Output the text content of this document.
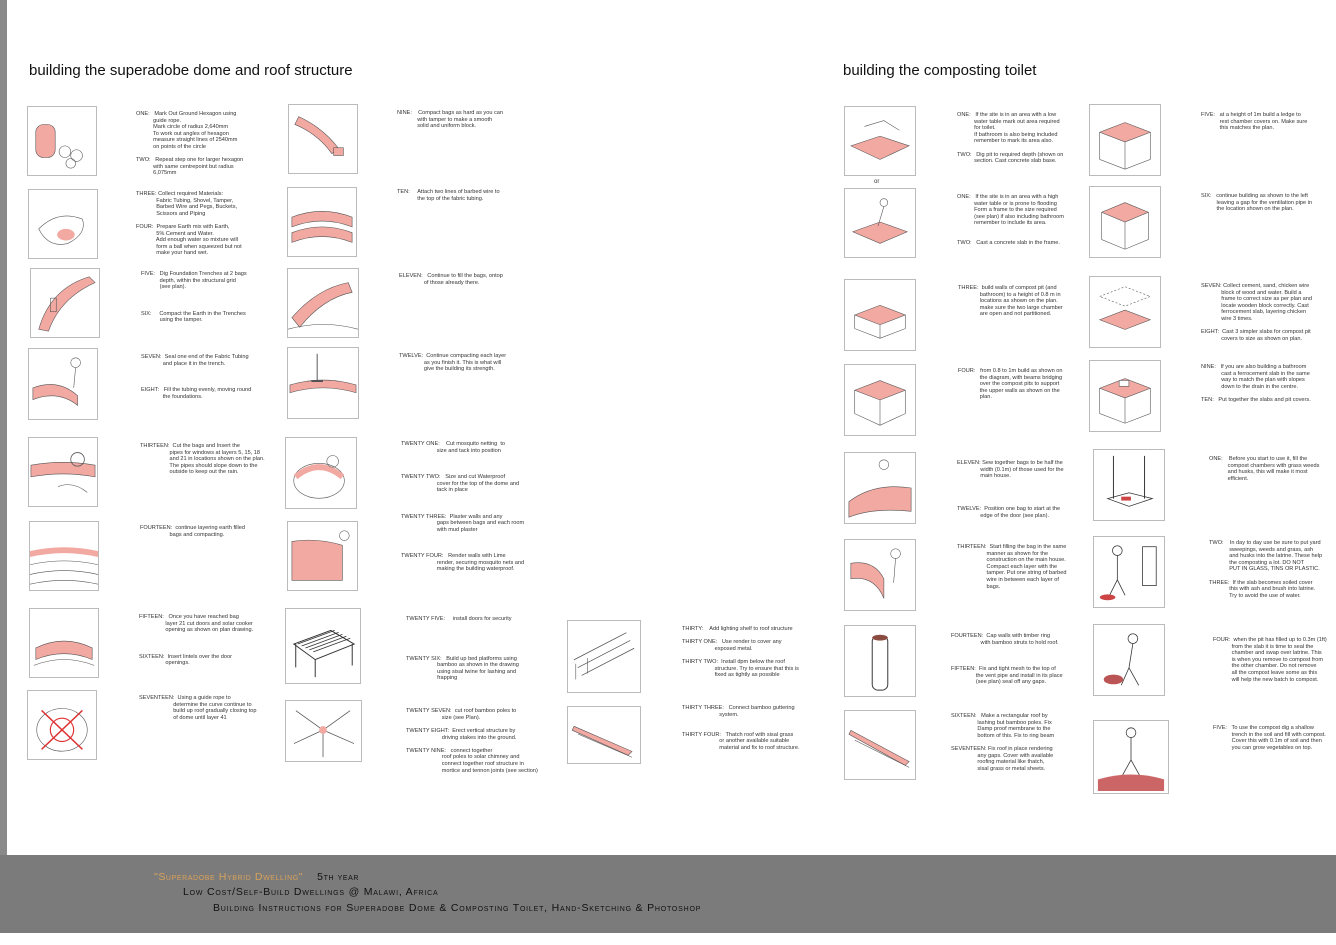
building the superadobe dome and roof structure	building the composting toilet
ONE:   Mark Out Ground Hexagon using
guide rope.
Mark circle of radius 2,640mm
To work out angles of hexagon
measure straight lines of 2540mm
on points of the circle

TWO:   Repeat step one for larger hexagon
with same centrepoint but radius
6,075mm
THREE: Collect required Materials:
Fabric Tubing, Shovel, Tamper,
Barbed Wire and Pegs, Buckets,
Scissors and Piping

FOUR:  Prepare Earth mix with Earth,
5% Cement and Water.
Add enough water so mixture will
form a ball when squeezed but not
make your hand wet.
FIVE:   Dig Foundation Trenches at 2 bags
depth, within the structural grid
(see plan).

SIX:     Compact the Earth in the Trenches
using the tamper.
SEVEN:  Seal one end of the Fabric Tubing
and place it in the trench.

EIGHT:   Fill the tubing evenly, moving round
the foundations.
THIRTEEN:  Cut the bags and Insert the
pipes for windows at layers 5, 15, 18
and 21 in locations shown on the plan.
The pipes should slope down to the
outside to keep out the rain.
FOURTEEN:  continue layering earth filled
bags and compacting.
FIFTEEN:   Once you have reached bag
layer 21 cut doors and solar cooker
opening as shown on plan drawing.

SIXTEEN:  Insert lintels over the door
openings.
SEVENTEEN:  Using a guide rope to
determine the curve continue to
build up roof gradually closing top
of dome until layer 41
NINE:    Compact bags as hard as you can
with tamper to make a smooth
solid and uniform block.
TEN:     Attach two lines of barbed wire to
the top of the fabric tubing.
ELEVEN:   Continue to fill the bags, ontop
of those already there.
TWELVE:  Continue compacting each layer
as you finish it. This is what will
give the building its strength.
TWENTY ONE:    Cut mosquito netting  to
size and tack into position

TWENTY TWO:   Size and cut Waterproof
cover for the top of the dome and
tack in place

TWENTY THREE:  Plaster walls and any
gaps between bags and each room
with mud plaster

TWENTY FOUR:   Render walls with Lime
render, securing mosquito nets and
making the building waterproof.
TWENTY FIVE:     install doors for security

TWENTY SIX:   Build up bed platforms using
bamboo as shown in the drawing
using sisal twine for lashing and
frapping

TWENTY SEVEN:  cut roof bamboo poles to
size (see Plan).

TWENTY EIGHT:  Erect vertical structure by
driving stakes into the ground.

TWENTY NINE:   connect together
roof poles to solar chimney and
connect together roof structure in
mortice and tennon joints (see section)
THIRTY:    Add lighting shelf to roof structure

THIRTY ONE:   Use render to cover any
exposed metal.

THIRTY TWO:  Install dpm below the roof
structure. Try to ensure that this is
fixed as tightly as possible

THIRTY THREE:   Connect bamboo guttering
system.

THIRTY FOUR:   Thatch roof with sisal grass
or another available suitable
material and fix to roof structure.
or
ONE:   If the site is in an area with a low
water table mark out area required
for toilet.
If bathroom is also being included
remember to mark its area also.

TWO:   Dig pit to required depth (shown on
section. Cast concrete slab base.
ONE:   If the site is in an area with a high
water table or is prone to flooding
Form a frame to the size required
(see plan) if also including bathroom
remember to include its area.

TWO:   Cast a concrete slab in the frame.
THREE:  build walls of compost pit (and
bathroom) to a height of 0.8 m in
locations as shown on the plan.
make sure the two large chamber
are open and not partitioned.
FOUR:   from 0.8 to 1m build as shown on
the diagram, with beams bridging
over the compost pits to support
the upper walls as shown on the
plan.
ELEVEN: Sew together bags to be half the
width (0.1m) of those used for the
main house.

TWELVE:  Position one bag to start at the
edge of the door (see plan).
THIRTEEN:  Start filling the bag in the same
manner as shown for the
construction on the main house.
Compact each layer with the
tamper. Put one string of barbed
wire in between each layer of
bags.
FOURTEEN:  Cap walls with timber ring
with bamboo struts to hold roof.

FIFTEEN:  Fix and tight mesh to the top of
the vent pipe and install in its place
(see plan) seal off any gaps.
SIXTEEN:   Make a rectangular roof by
lashing but bamboo poles. Fix
Damp proof membrane to the
bottom of this. Fix to ring beam

SEVENTEEN: Fix roof in place rendering
any gaps. Cover with available
roofing material like thatch,
sisal grass or metal sheets.
FIVE:   at a height of 1m build a ledge to
rest chamber covers on. Make sure
this matches the plan.
SIX:   continue building as shown to the left
leaving a gap for the ventilation pipe in
the location shown on the plan.
SEVEN: Collect cement, sand, chicken wire
block of wood and water. Build a
frame to correct size as per plan and
locate wooden block correctly. Cast
ferrocement slab, layering chicken
wire 3 times.

EIGHT:  Cast 3 simpler slabs for compost pit
covers to size as shown on plan.
NINE:   If you are also building a bathroom
cast a ferrocement slab in the same
way to match the plan with slopes
down to the drain in the centre.

TEN:   Put together the slabs and pit covers.
ONE:    Before you start to use it, fill the
compost chambers with grass weeds
and husks, this will make it most
efficient.
TWO:    In day to day use be sure to put yard
sweepings, weeds and grass, ash
and husks into the latrine. These help
the composting a lot. DO NOT
PUT IN GLASS, TINS OR PLASTIC.

THREE:  If the slab becomes soiled cover
this with ash and brush into latrine.
Try to avoid the use of water.
FOUR:  when the pit has filled up to 0.3m (1ft)
from the slab it is time to seal the
chamber and swap over latrine. This
is when you remove to compost from
the other chamber. Do not remove
all the compost leave some as this
will help the new batch to compost.
FIVE:   To use the compost dig a shallow
trench in the soil and fill with compost.
Cover this with 0.1m of soil and then
you can grow vegetables on top.
"Superadobe Hybrid Dwelling" 5th year
Low Cost/Self-Build Dwellings @ Malawi, Africa
Building Instructions for Superadobe Dome & Composting Toilet, Hand-Sketching & Photoshop
